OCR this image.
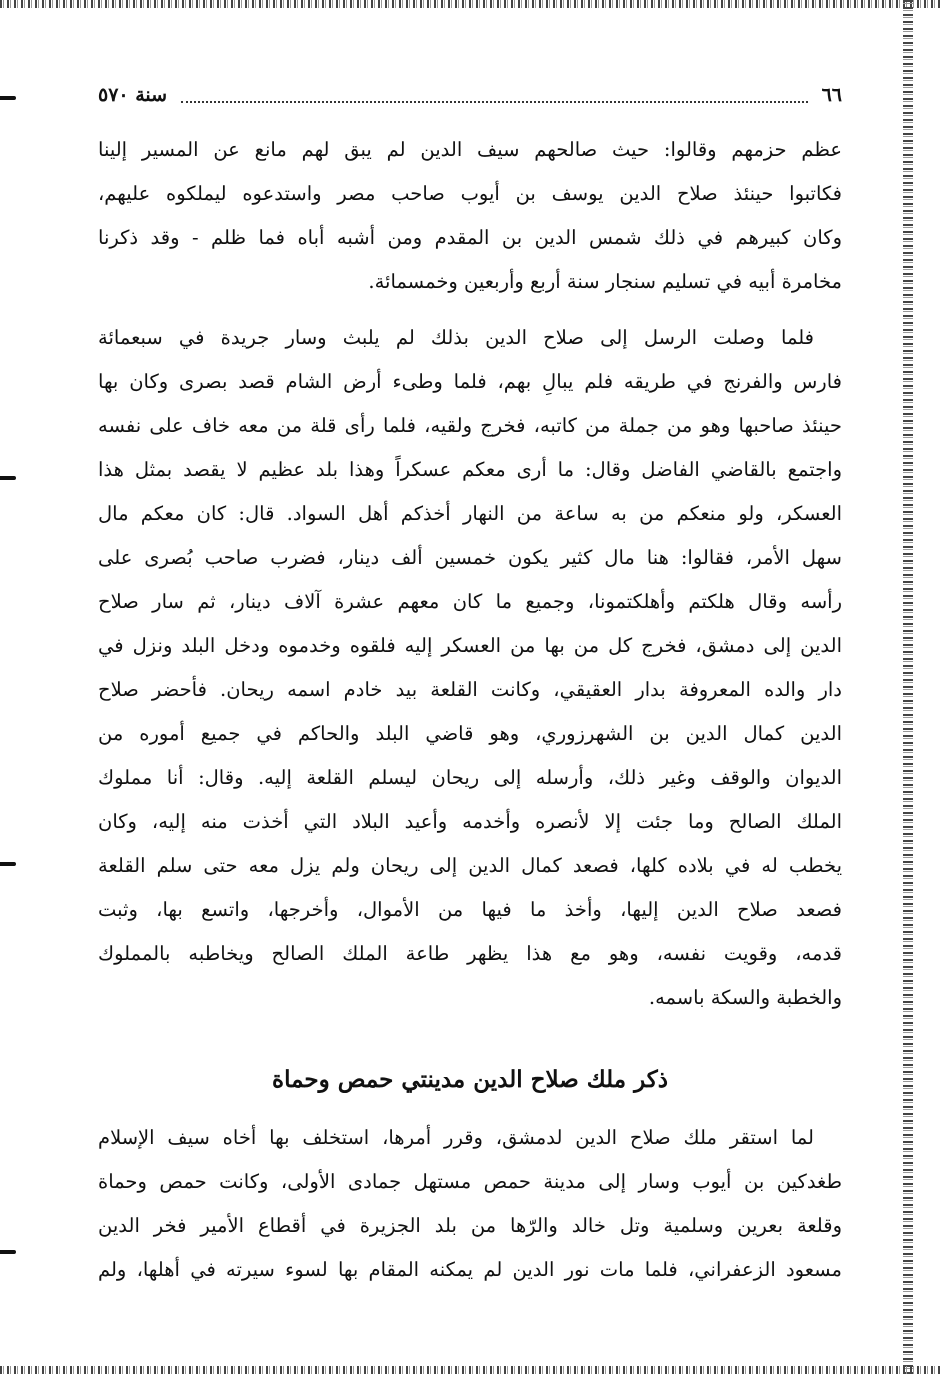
٦٦
سنة ٥٧٠
عظم حزمهم وقالوا: حيث صالحهم سيف الدين لم يبق لهم مانع عن المسير إلينا
فكاتبوا حينئذ صلاح الدين يوسف بن أيوب صاحب مصر واستدعوه ليملكوه عليهم،
وكان كبيرهم في ذلك شمس الدين بن المقدم ومن أشبه أباه فما ظلم - وقد ذكرنا
مخامرة أبيه في تسليم سنجار سنة أربع وأربعين وخمسمائة.
فلما وصلت الرسل إلى صلاح الدين بذلك لم يلبث وسار جريدة في سبعمائة
فارس والفرنج في طريقه فلم يبالِ بهم، فلما وطىء أرض الشام قصد بصرى وكان بها
حينئذ صاحبها وهو من جملة من كاتبه، فخرج ولقيه، فلما رأى قلة من معه خاف على نفسه
واجتمع بالقاضي الفاضل وقال: ما أرى معكم عسكراً وهذا بلد عظيم لا يقصد بمثل هذا
العسكر، ولو منعكم من به ساعة من النهار أخذكم أهل السواد. قال: كان معكم مال
سهل الأمر، فقالوا: هنا مال كثير يكون خمسين ألف دينار، فضرب صاحب بُصرى على
رأسه وقال هلكتم وأهلكتمونا، وجميع ما كان معهم عشرة آلاف دينار، ثم سار صلاح
الدين إلى دمشق، فخرج كل من بها من العسكر إليه فلقوه وخدموه ودخل البلد ونزل في
دار والده المعروفة بدار العقيقي، وكانت القلعة بيد خادم اسمه ريحان. فأحضر صلاح
الدين كمال الدين بن الشهرزوري، وهو قاضي البلد والحاكم في جميع أموره من
الديوان والوقف وغير ذلك، وأرسله إلى ريحان ليسلم القلعة إليه. وقال: أنا مملوك
الملك الصالح وما جئت إلا لأنصره وأخدمه وأعيد البلاد التي أخذت منه إليه، وكان
يخطب له في بلاده كلها، فصعد كمال الدين إلى ريحان ولم يزل معه حتى سلم القلعة
فصعد صلاح الدين إليها، وأخذ ما فيها من الأموال، وأخرجها، واتسع بها، وثبت
قدمه، وقويت نفسه، وهو مع هذا يظهر طاعة الملك الصالح ويخاطبه بالمملوك
والخطبة والسكة باسمه.
ذكر ملك صلاح الدين مدينتي حمص وحماة
لما استقر ملك صلاح الدين لدمشق، وقرر أمرها، استخلف بها أخاه سيف الإسلام
طغدكين بن أيوب وسار إلى مدينة حمص مستهل جمادى الأولى، وكانت حمص وحماة
وقلعة بعرين وسلمية وتل خالد والرّها من بلد الجزيرة في أقطاع الأمير فخر الدين
مسعود الزعفراني، فلما مات نور الدين لم يمكنه المقام بها لسوء سيرته في أهلها، ولم
